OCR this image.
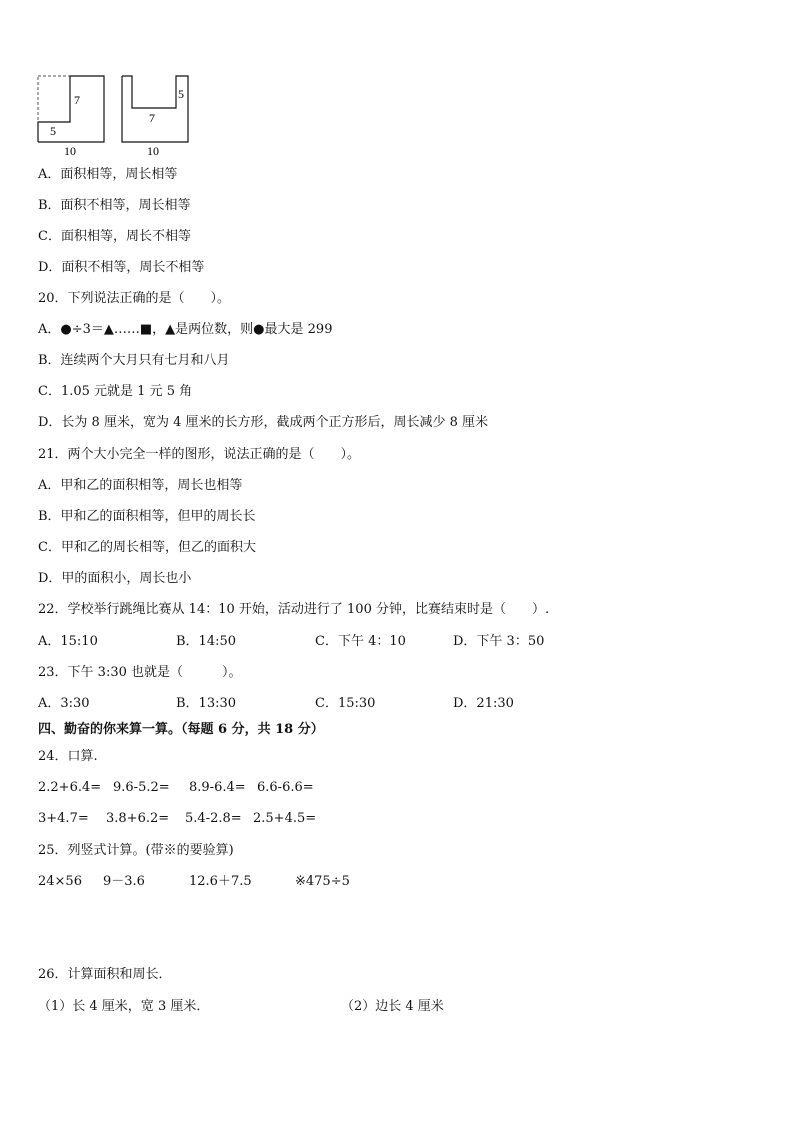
7
5
10
5
7
10
A．面积相等，周长相等
B．面积不相等，周长相等
C．面积相等，周长不相等
D．面积不相等，周长不相等
20．下列说法正确的是（　　）。
A．●÷3＝▲……■，▲是两位数，则●最大是 299
B．连续两个大月只有七月和八月
C．1.05 元就是 1 元 5 角
D．长为 8 厘米，宽为 4 厘米的长方形，截成两个正方形后，周长减少 8 厘米
21．两个大小完全一样的图形，说法正确的是（　　）。
A．甲和乙的面积相等，周长也相等
B．甲和乙的面积相等，但甲的周长长
C．甲和乙的周长相等，但乙的面积大
D．甲的面积小，周长也小
22．学校举行跳绳比赛从 14：10 开始，活动进行了 100 分钟，比赛结束时是（　　）.
A．15:10	B．14:50	C．下午 4：10	D．下午 3：50
23．下午 3:30 也就是（　　　）。
A．3:30	B．13:30	C．15:30	D．21:30
四、勤奋的你来算一算。（每题 6 分，共 18 分）
24．口算.
2.2+6.4= 9.6-5.2= 8.9-6.4= 6.6-6.6=
3+4.7= 3.8+6.2= 5.4-2.8= 2.5+4.5=
25．列竖式计算。(带※的要验算)
24×56 9－3.6	12.6＋7.5	※475÷5
26．计算面积和周长．
（1）长 4 厘米，宽 3 厘米．	（2）边长 4 厘米
